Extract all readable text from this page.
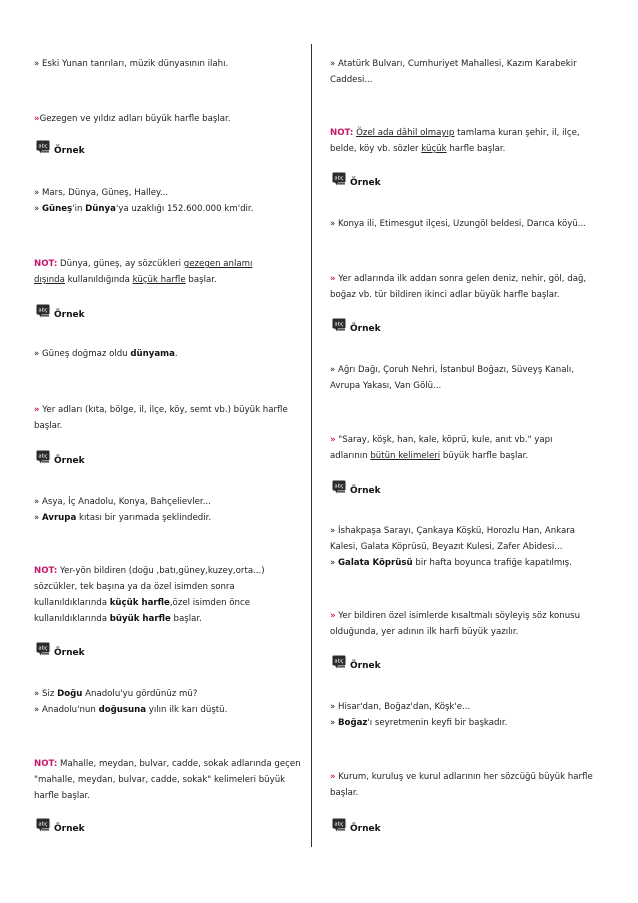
» Eski Yunan tanrıları, müzik dünyasının ilahı.
»Gezegen ve yıldız adları büyük harfle başlar.
Örnek
» Mars, Dünya, Güneş, Halley...
» Güneş'in Dünya'ya uzaklığı 152.600.000 km'dir.
NOT: Dünya, güneş, ay sözcükleri gezegen anlamı
dışında kullanıldığında küçük harfle başlar.
Örnek
» Güneş doğmaz oldu dünyama.
» Yer adları (kıta, bölge, il, ilçe, köy, semt vb.) büyük harfle
başlar.
Örnek
» Asya, İç Anadolu, Konya, Bahçelievler...
» Avrupa kıtası bir yarımada şeklindedir.
NOT: Yer-yön bildiren (doğu ,batı,güney,kuzey,orta...)
sözcükler, tek başına ya da özel isimden sonra
kullanıldıklarında küçük harfle,özel isimden önce
kullanıldıklarında büyük harfle başlar.
Örnek
» Siz Doğu Anadolu'yu gördünüz mü?
» Anadolu'nun doğusuna yılın ilk karı düştü.
NOT: Mahalle, meydan, bulvar, cadde, sokak adlarında geçen
"mahalle, meydan, bulvar, cadde, sokak" kelimeleri büyük
harfle başlar.
Örnek
» Atatürk Bulvarı, Cumhuriyet Mahallesi, Kazım Karabekir
Caddesi...
NOT: Özel ada dâhil olmayıp tamlama kuran şehir, il, ilçe,
belde, köy vb. sözler küçük harfle başlar.
Örnek
» Konya ili, Etimesgut ilçesi, Uzungöl beldesi, Darıca köyü...
» Yer adlarında ilk addan sonra gelen deniz, nehir, göl, dağ,
boğaz vb. tür bildiren ikinci adlar büyük harfle başlar.
Örnek
» Ağrı Dağı, Çoruh Nehri, İstanbul Boğazı, Süveyş Kanalı,
Avrupa Yakası, Van Gölü...
» "Saray, köşk, han, kale, köprü, kule, anıt vb." yapı
adlarının bütün kelimeleri büyük harfle başlar.
Örnek
» İshakpaşa Sarayı, Çankaya Köşkü, Horozlu Han, Ankara
Kalesi, Galata Köprüsü, Beyazıt Kulesi, Zafer Abidesi...
» Galata Köprüsü bir hafta boyunca trafiğe kapatılmış.
» Yer bildiren özel isimlerde kısaltmalı söyleyiş söz konusu
olduğunda, yer adının ilk harfi büyük yazılır.
Örnek
» Hisar'dan, Boğaz'dan, Köşk'e...
» Boğaz'ı seyretmenin keyfi bir başkadır.
» Kurum, kuruluş ve kurul adlarının her sözcüğü büyük harfle
başlar.
Örnek
